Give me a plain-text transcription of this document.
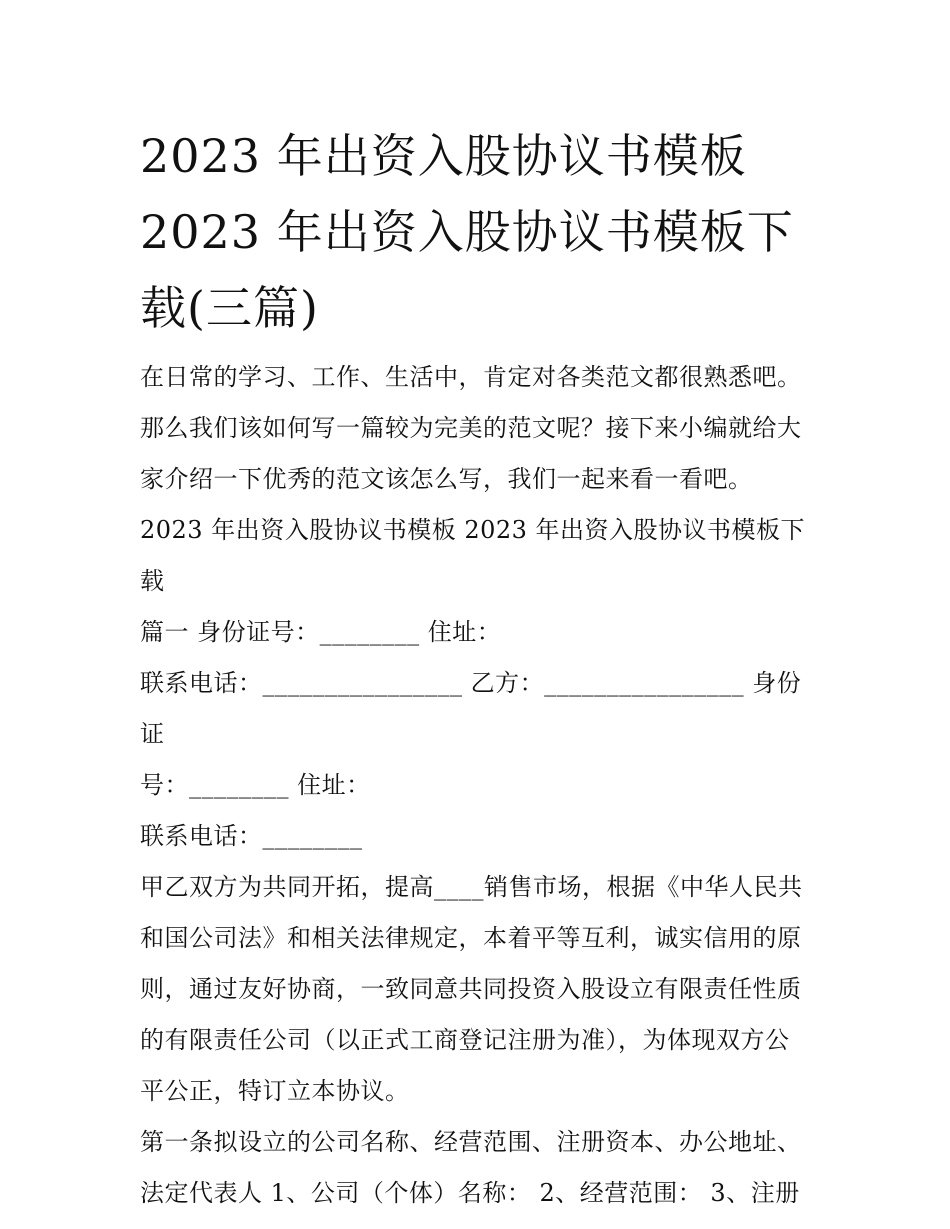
2023 年出资入股协议书模板

2023 年出资入股协议书模板下

载(三篇)

在日常的学习、工作、生活中，肯定对各类范文都很熟悉吧。

那么我们该如何写一篇较为完美的范文呢？接下来小编就给大

家介绍一下优秀的范文该怎么写，我们一起来看一看吧。

2023 年出资入股协议书模板 2023 年出资入股协议书模板下载

篇一 身份证号：________ 住址：

联系电话：________________ 乙方：________________ 身份证

号：________ 住址：

联系电话：________

甲乙双方为共同开拓，提高____销售市场，根据《中华人民共

和国公司法》和相关法律规定，本着平等互利，诚实信用的原

则，通过友好协商，一致同意共同投资入股设立有限责任性质

的有限责任公司（以正式工商登记注册为准），为体现双方公

平公正，特订立本协议。

第一条拟设立的公司名称、经营范围、注册资本、办公地址、

法定代表人 1、公司（个体）名称： 2、经营范围： 3、注册
